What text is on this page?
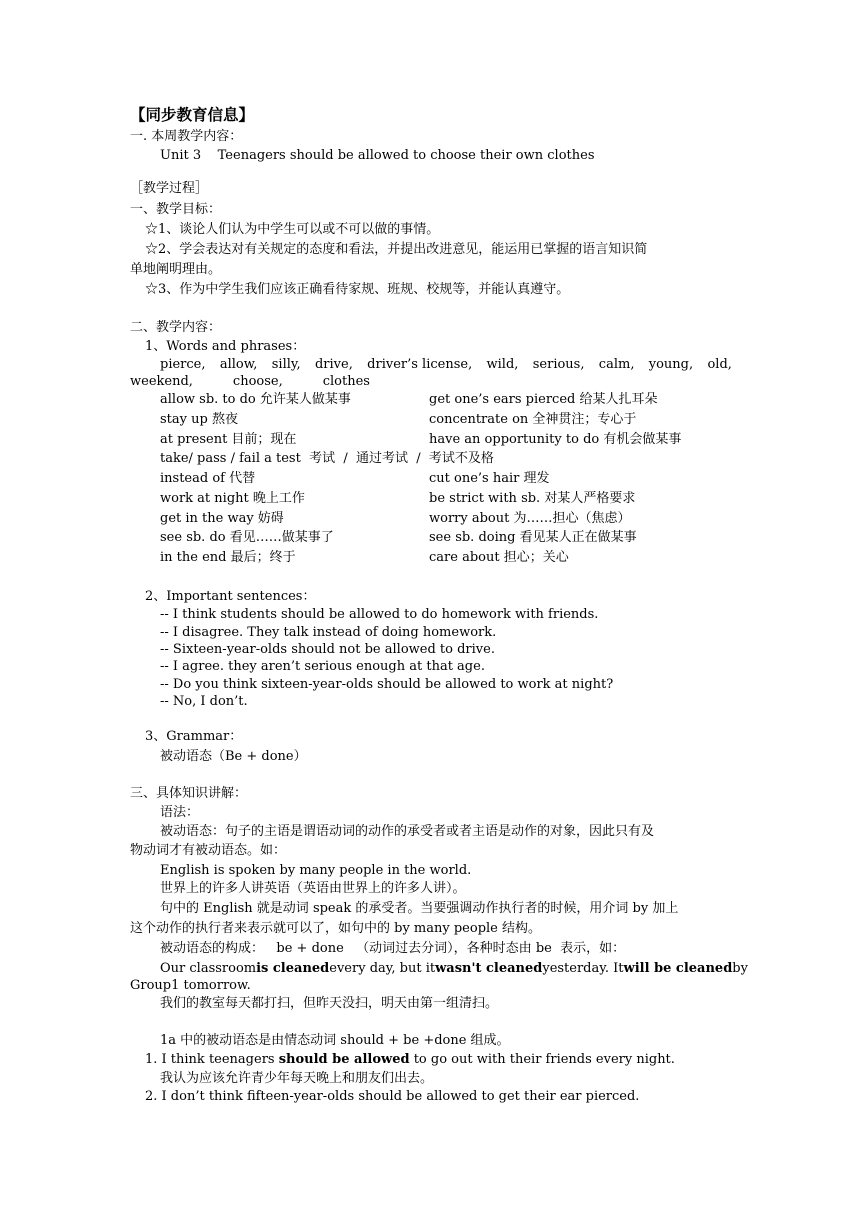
【同步教育信息】
一. 本周教学内容：
Unit 3    Teenagers should be allowed to choose their own clothes
［教学过程］
一、教学目标：
☆1、谈论人们认为中学生可以或不可以做的事情。
☆2、学会表达对有关规定的态度和看法，并提出改进意见，能运用已掌握的语言知识简
单地阐明理由。
☆3、作为中学生我们应该正确看待家规、班规、校规等，并能认真遵守。
二、教学内容：
1、Words and phrases：
pierce, allow, silly, drive, driver’s license, wild, serious, calm, young, old,
weekend,	choose,	clothes
allow sb. to do 允许某人做某事	get one’s ears pierced 给某人扎耳朵
stay up 熬夜	concentrate on 全神贯注；专心于
at present 目前；现在	have an opportunity to do 有机会做某事
take/ pass / fail a test  考试  /  通过考试  /  考试不及格
instead of 代替	cut one’s hair 理发
work at night 晚上工作	be strict with sb. 对某人严格要求
get in the way 妨碍	worry about 为……担心（焦虑）
see sb. do 看见……做某事了	see sb. doing 看见某人正在做某事
in the end 最后；终于	care about 担心；关心
2、Important sentences：
-- I think students should be allowed to do homework with friends.
-- I disagree. They talk instead of doing homework.
-- Sixteen-year-olds should not be allowed to drive.
-- I agree. they aren’t serious enough at that age.
-- Do you think sixteen-year-olds should be allowed to work at night?
-- No, I don’t.
3、Grammar：
被动语态（Be + done）
三、具体知识讲解：
语法：
被动语态：句子的主语是谓语动词的动作的承受者或者主语是动作的对象，因此只有及
物动词才有被动语态。如：
English is spoken by many people in the world.
世界上的许多人讲英语（英语由世界上的许多人讲）。
句中的 English 就是动词 speak 的承受者。当要强调动作执行者的时候，用介词 by 加上
这个动作的执行者来表示就可以了，如句中的 by many people 结构。
被动语态的构成：   be + done   （动词过去分词），各种时态由 be  表示，如：
Our classroom is cleaned every day, but it wasn't cleaned yesterday. It will be cleaned by
Group1 tomorrow.
我们的教室每天都打扫，但昨天没扫，明天由第一组清扫。
1a 中的被动语态是由情态动词 should + be +done 组成。
1. I think teenagers should be allowed to go out with their friends every night.
我认为应该允许青少年每天晚上和朋友们出去。
2. I don’t think fifteen-year-olds should be allowed to get their ear pierced.
